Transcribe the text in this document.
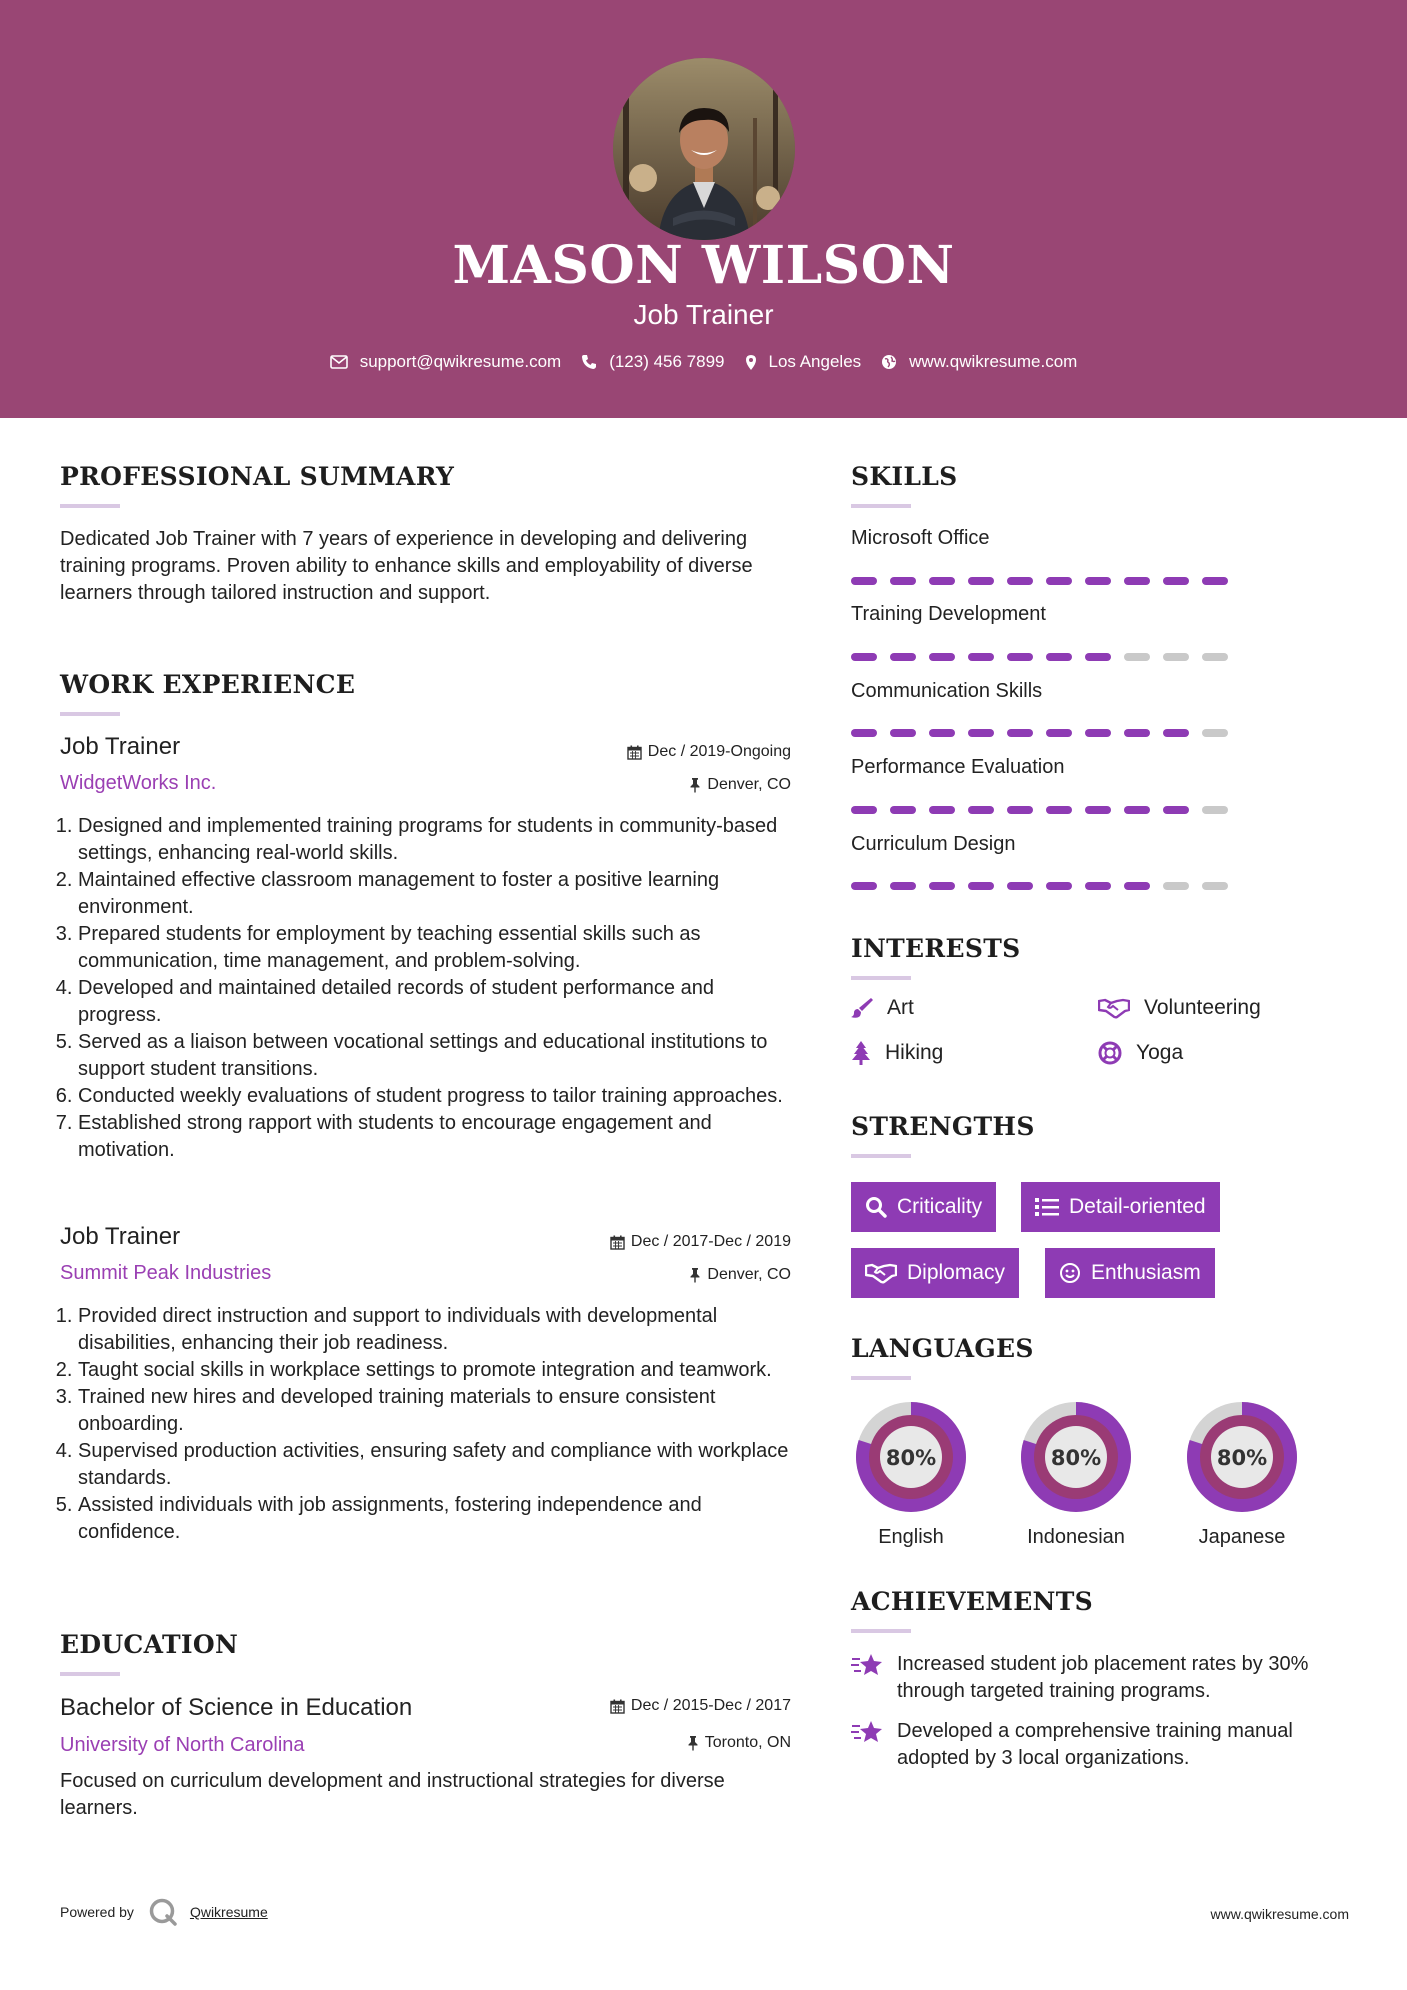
MASON WILSON
Job Trainer
support@qwikresume.com	(123) 456 7899	Los Angeles	www.qwikresume.com
PROFESSIONAL SUMMARY
Dedicated Job Trainer with 7 years of experience in developing and delivering training programs. Proven ability to enhance skills and employability of diverse learners through tailored instruction and support.
WORK EXPERIENCE
Job Trainer	Dec / 2019-Ongoing
WidgetWorks Inc.	Denver, CO
1. Designed and implemented training programs for students in community-based settings, enhancing real-world skills.
2. Maintained effective classroom management to foster a positive learning environment.
3. Prepared students for employment by teaching essential skills such as communication, time management, and problem-solving.
4. Developed and maintained detailed records of student performance and progress.
5. Served as a liaison between vocational settings and educational institutions to support student transitions.
6. Conducted weekly evaluations of student progress to tailor training approaches.
7. Established strong rapport with students to encourage engagement and motivation.
Job Trainer	Dec / 2017-Dec / 2019
Summit Peak Industries	Denver, CO
1. Provided direct instruction and support to individuals with developmental disabilities, enhancing their job readiness.
2. Taught social skills in workplace settings to promote integration and teamwork.
3. Trained new hires and developed training materials to ensure consistent onboarding.
4. Supervised production activities, ensuring safety and compliance with workplace standards.
5. Assisted individuals with job assignments, fostering independence and confidence.
EDUCATION
Bachelor of Science in Education	Dec / 2015-Dec / 2017
University of North Carolina	Toronto, ON
Focused on curriculum development and instructional strategies for diverse learners.
SKILLS
Microsoft Office
Training Development
Communication Skills
Performance Evaluation
Curriculum Design
INTERESTS
Art	Volunteering
Hiking	Yoga
STRENGTHS
Criticality	Detail-oriented
Diplomacy	Enthusiasm
LANGUAGES
80%
English
80%
Indonesian
80%
Japanese
ACHIEVEMENTS
Increased student job placement rates by 30% through targeted training programs.
Developed a comprehensive training manual adopted by 3 local organizations.
Powered by	Qwikresume	www.qwikresume.com
